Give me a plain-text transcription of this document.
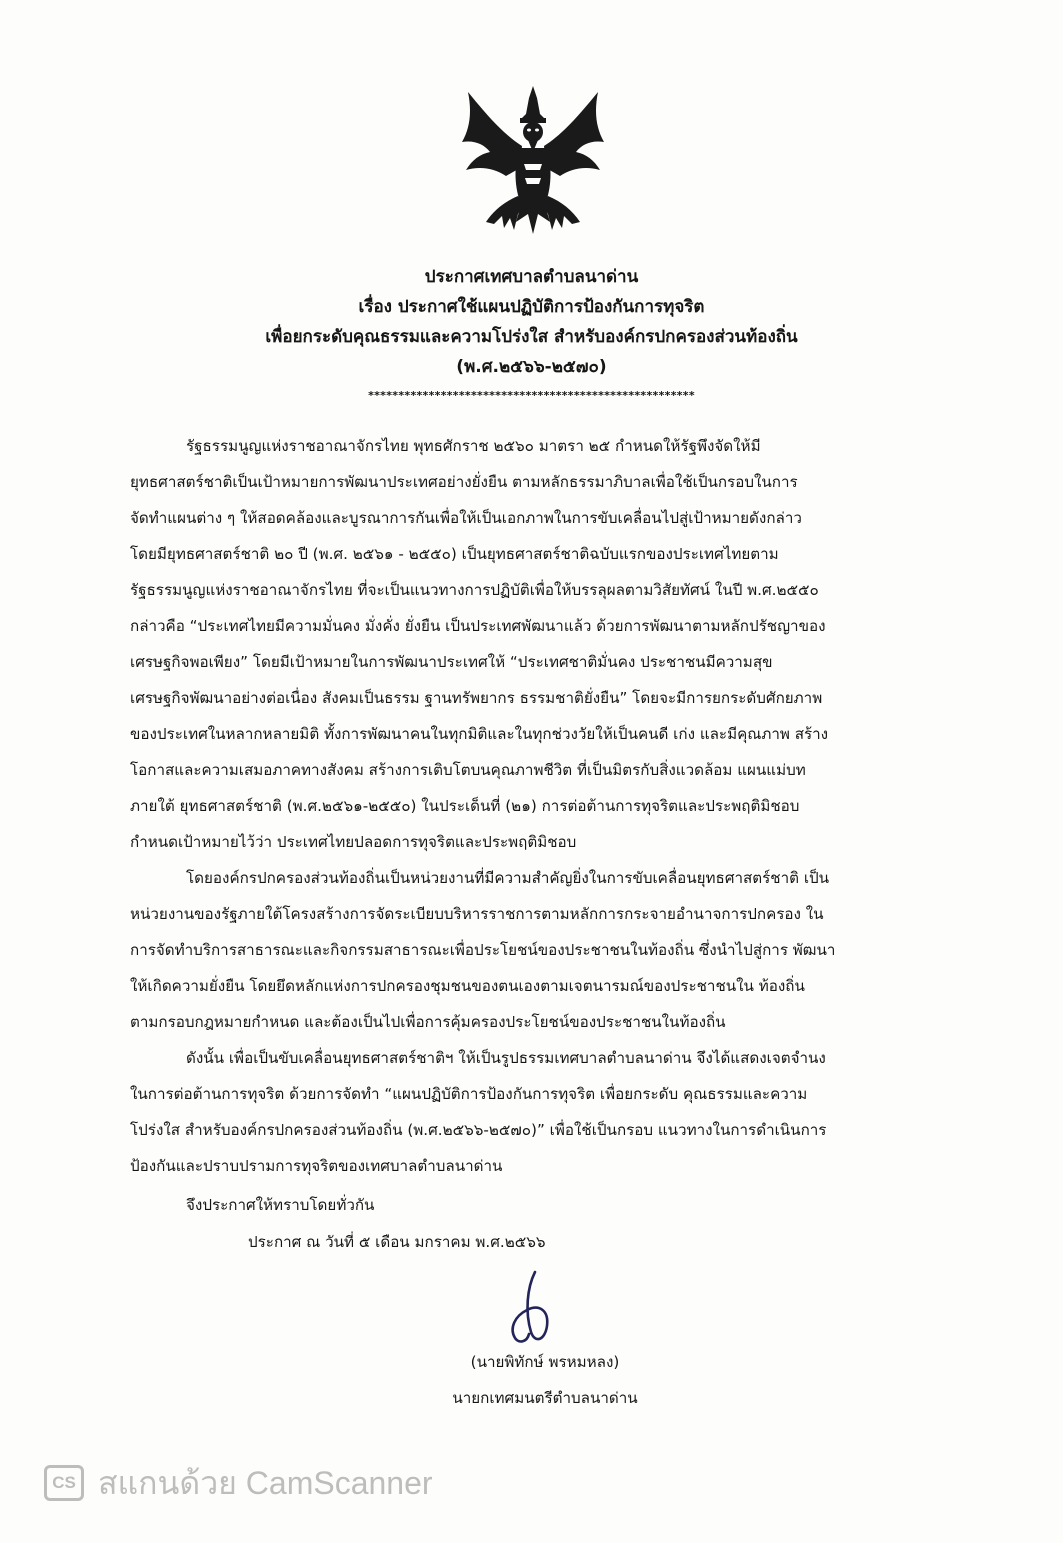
ประกาศเทศบาลตำบลนาด่าน
เรื่อง ประกาศใช้แผนปฏิบัติการป้องกันการทุจริต
เพื่อยกระดับคุณธรรมและความโปร่งใส สำหรับองค์กรปกครองส่วนท้องถิ่น
(พ.ศ.๒๕๖๖-๒๕๗๐)
******************************************************
รัฐธรรมนูญแห่งราชอาณาจักรไทย พุทธศักราช ๒๕๖๐ มาตรา ๒๕ กำหนดให้รัฐพึงจัดให้มี
ยุทธศาสตร์ชาติเป็นเป้าหมายการพัฒนาประเทศอย่างยั่งยืน ตามหลักธรรมาภิบาลเพื่อใช้เป็นกรอบในการ
จัดทำแผนต่าง ๆ ให้สอดคล้องและบูรณาการกันเพื่อให้เป็นเอกภาพในการขับเคลื่อนไปสู่เป้าหมายดังกล่าว
โดยมียุทธศาสตร์ชาติ ๒๐ ปี (พ.ศ. ๒๕๖๑ - ๒๕๕๐) เป็นยุทธศาสตร์ชาติฉบับแรกของประเทศไทยตาม
รัฐธรรมนูญแห่งราชอาณาจักรไทย ที่จะเป็นแนวทางการปฏิบัติเพื่อให้บรรลุผลตามวิสัยทัศน์ ในปี พ.ศ.๒๕๕๐
กล่าวคือ “ประเทศไทยมีความมั่นคง มั่งคั่ง ยั่งยืน เป็นประเทศพัฒนาแล้ว ด้วยการพัฒนาตามหลักปรัชญาของ
เศรษฐกิจพอเพียง” โดยมีเป้าหมายในการพัฒนาประเทศให้ “ประเทศชาติมั่นคง ประชาชนมีความสุข
เศรษฐกิจพัฒนาอย่างต่อเนื่อง สังคมเป็นธรรม ฐานทรัพยากร ธรรมชาติยั่งยืน” โดยจะมีการยกระดับศักยภาพ
ของประเทศในหลากหลายมิติ ทั้งการพัฒนาคนในทุกมิติและในทุกช่วงวัยให้เป็นคนดี เก่ง และมีคุณภาพ สร้าง
โอกาสและความเสมอภาคทางสังคม สร้างการเติบโตบนคุณภาพชีวิต ที่เป็นมิตรกับสิ่งแวดล้อม แผนแม่บท
ภายใต้ ยุทธศาสตร์ชาติ (พ.ศ.๒๕๖๑-๒๕๕๐) ในประเด็นที่ (๒๑) การต่อต้านการทุจริตและประพฤติมิชอบ
กำหนดเป้าหมายไว้ว่า ประเทศไทยปลอดการทุจริตและประพฤติมิชอบ
โดยองค์กรปกครองส่วนท้องถิ่นเป็นหน่วยงานที่มีความสำคัญยิ่งในการขับเคลื่อนยุทธศาสตร์ชาติ เป็น
หน่วยงานของรัฐภายใต้โครงสร้างการจัดระเบียบบริหารราชการตามหลักการกระจายอำนาจการปกครอง ใน
การจัดทำบริการสาธารณะและกิจกรรมสาธารณะเพื่อประโยชน์ของประชาชนในท้องถิ่น ซึ่งนำไปสู่การ พัฒนา
ให้เกิดความยั่งยืน โดยยึดหลักแห่งการปกครองชุมชนของตนเองตามเจตนารมณ์ของประชาชนใน ท้องถิ่น
ตามกรอบกฎหมายกำหนด และต้องเป็นไปเพื่อการคุ้มครองประโยชน์ของประชาชนในท้องถิ่น
ดังนั้น เพื่อเป็นขับเคลื่อนยุทธศาสตร์ชาติฯ ให้เป็นรูปธรรมเทศบาลตำบลนาด่าน จึงได้แสดงเจตจำนง
ในการต่อต้านการทุจริต ด้วยการจัดทำ “แผนปฏิบัติการป้องกันการทุจริต เพื่อยกระดับ คุณธรรมและความ
โปร่งใส สำหรับองค์กรปกครองส่วนท้องถิ่น (พ.ศ.๒๕๖๖-๒๕๗๐)” เพื่อใช้เป็นกรอบ แนวทางในการดำเนินการ
ป้องกันและปราบปรามการทุจริตของเทศบาลตำบลนาด่าน
จึงประกาศให้ทราบโดยทั่วกัน
ประกาศ ณ วันที่ ๕ เดือน มกราคม พ.ศ.๒๕๖๖
(นายพิทักษ์ พรหมหลง)
นายกเทศมนตรีตำบลนาด่าน
CS สแกนด้วย CamScanner
